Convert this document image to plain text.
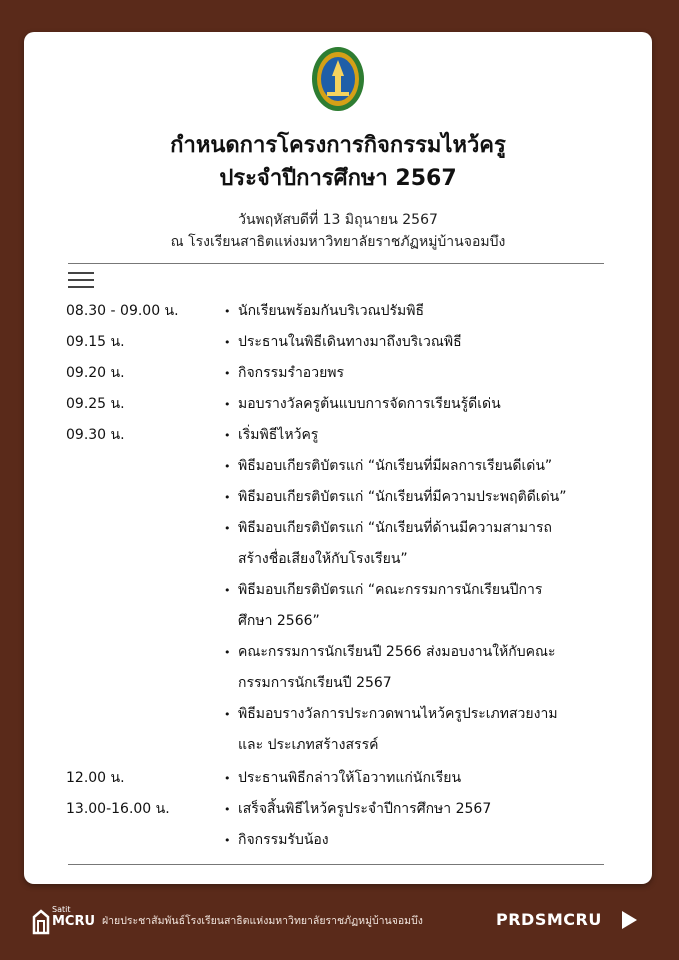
กำหนดการโครงการกิจกรรมไหว้ครู
ประจำปีการศึกษา 2567
วันพฤหัสบดีที่ 13 มิถุนายน 2567
ณ โรงเรียนสาธิตแห่งมหาวิทยาลัยราชภัฏหมู่บ้านจอมบึง
08.30 - 09.00 น.	• นักเรียนพร้อมกันบริเวณปรัมพิธี
09.15 น.	• ประธานในพิธีเดินทางมาถึงบริเวณพิธี
09.20 น.	• กิจกรรมรำอวยพร
09.25 น.	• มอบรางวัลครูต้นแบบการจัดการเรียนรู้ดีเด่น
09.30 น.	• เริ่มพิธีไหว้ครู
• พิธีมอบเกียรติบัตรแก่ “นักเรียนที่มีผลการเรียนดีเด่น”
• พิธีมอบเกียรติบัตรแก่ “นักเรียนที่มีความประพฤติดีเด่น”
• พิธีมอบเกียรติบัตรแก่ “นักเรียนที่ด้านมีความสามารถ
สร้างชื่อเสียงให้กับโรงเรียน”
• พิธีมอบเกียรติบัตรแก่ “คณะกรรมการนักเรียนปีการ
ศึกษา 2566”
• คณะกรรมการนักเรียนปี 2566 ส่งมอบงานให้กับคณะ
กรรมการนักเรียนปี 2567
• พิธีมอบรางวัลการประกวดพานไหว้ครูประเภทสวยงาม
และ ประเภทสร้างสรรค์
12.00 น.	• ประธานพิธีกล่าวให้โอวาทแก่นักเรียน
13.00-16.00 น.	• เสร็จสิ้นพิธีไหว้ครูประจำปีการศึกษา 2567
• กิจกรรมรับน้อง
Satit
MCRU ฝ่ายประชาสัมพันธ์โรงเรียนสาธิตแห่งมหาวิทยาลัยราชภัฏหมู่บ้านจอมบึง	PRDSMCRU
